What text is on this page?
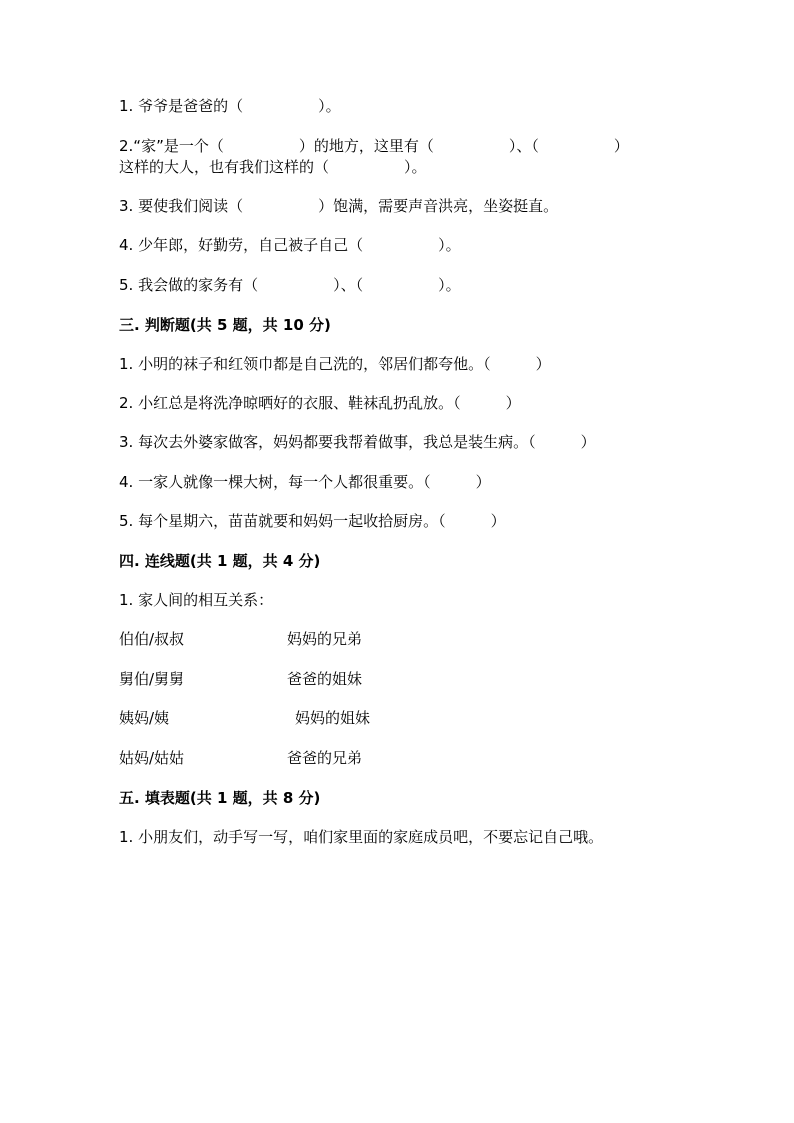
1. 爷爷是爸爸的（　　　　　）。
2.“家”是一个（　　　　　）的地方，这里有（　　　　　）、（　　　　　）
这样的大人，也有我们这样的（　　　　　）。
3. 要使我们阅读（　　　　　）饱满，需要声音洪亮，坐姿挺直。
4. 少年郎，好勤劳，自己被子自己（　　　　　）。
5. 我会做的家务有（　　　　　）、（　　　　　）。
三. 判断题(共 5 题，共 10 分)
1. 小明的袜子和红领巾都是自己洗的，邻居们都夸他。（　　　）
2. 小红总是将洗净晾晒好的衣服、鞋袜乱扔乱放。（　　　）
3. 每次去外婆家做客，妈妈都要我帮着做事，我总是装生病。（　　　）
4. 一家人就像一棵大树，每一个人都很重要。（　　　）
5. 每个星期六，苗苗就要和妈妈一起收拾厨房。（　　　）
四. 连线题(共 1 题，共 4 分)
1. 家人间的相互关系：
伯伯/叔叔	妈妈的兄弟
舅伯/舅舅	爸爸的姐妹
姨妈/姨	妈妈的姐妹
姑妈/姑姑	爸爸的兄弟
五. 填表题(共 1 题，共 8 分)
1. 小朋友们，动手写一写，咱们家里面的家庭成员吧，不要忘记自己哦。
